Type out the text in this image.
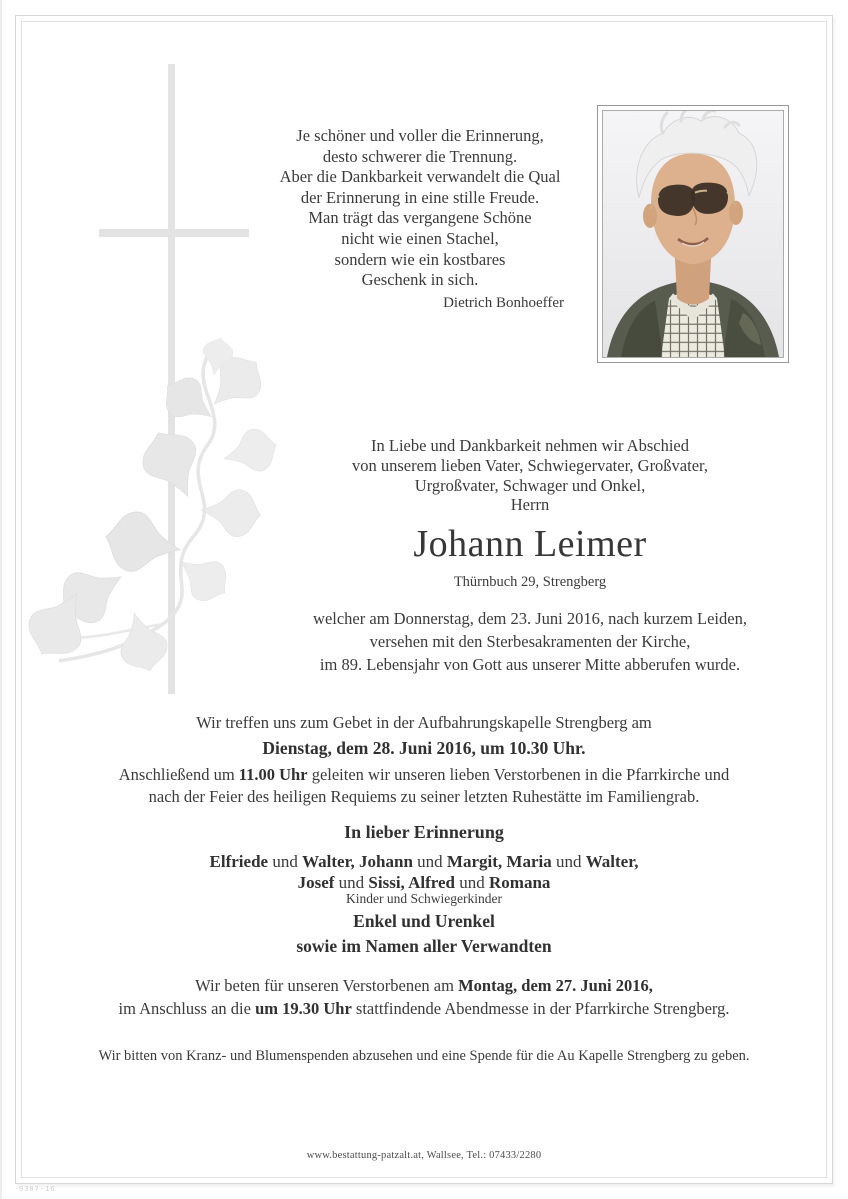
Je schöner und voller die Erinnerung,
desto schwerer die Trennung.
Aber die Dankbarkeit verwandelt die Qual
der Erinnerung in eine stille Freude.
Man trägt das vergangene Schöne
nicht wie einen Stachel,
sondern wie ein kostbares
Geschenk in sich.
Dietrich Bonhoeffer
In Liebe und Dankbarkeit nehmen wir Abschied
von unserem lieben Vater, Schwiegervater, Großvater,
Urgroßvater, Schwager und Onkel,
Herrn
Johann Leimer
Thürnbuch 29, Strengberg
welcher am Donnerstag, dem 23. Juni 2016, nach kurzem Leiden,
versehen mit den Sterbesakramenten der Kirche,
im 89. Lebensjahr von Gott aus unserer Mitte abberufen wurde.
Wir treffen uns zum Gebet in der Aufbahrungskapelle Strengberg am
Dienstag, dem 28. Juni 2016, um 10.30 Uhr.
Anschließend um 11.00 Uhr geleiten wir unseren lieben Verstorbenen in die Pfarrkirche und
nach der Feier des heiligen Requiems zu seiner letzten Ruhestätte im Familiengrab.
In lieber Erinnerung
Elfriede und Walter, Johann und Margit, Maria und Walter,
Josef und Sissi, Alfred und Romana
Kinder und Schwiegerkinder
Enkel und Urenkel
sowie im Namen aller Verwandten
Wir beten für unseren Verstorbenen am Montag, dem 27. Juni 2016,
im Anschluss an die um 19.30 Uhr stattfindende Abendmesse in der Pfarrkirche Strengberg.
Wir bitten von Kranz- und Blumenspenden abzusehen und eine Spende für die Au Kapelle Strengberg zu geben.
www.bestattung-patzalt.at, Wallsee, Tel.: 07433/2280
9307-16
